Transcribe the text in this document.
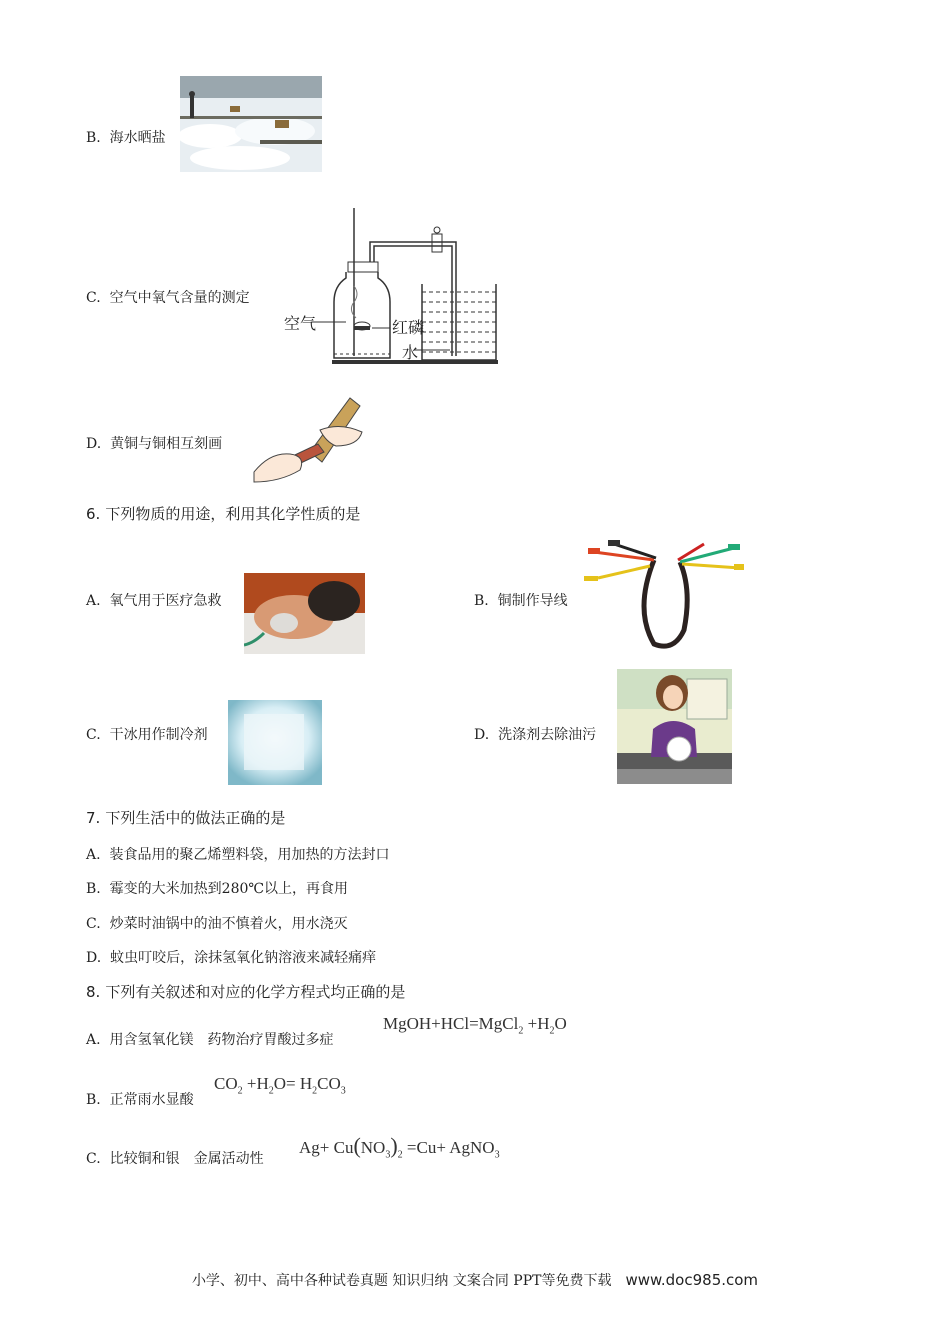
B. 海水晒盐
C. 空气中氧气含量的测定
空气	红磷
水
D. 黄铜与铜相互刻画
6. 下列物质的用途，利用其化学性质的是
A. 氧气用于医疗急救	B. 铜制作导线
C. 干冰用作制冷剂	D. 洗涤剂去除油污
7. 下列生活中的做法正确的是
A. 装食品用的聚乙烯塑料袋，用加热的方法封口
B. 霉变的大米加热到280℃以上，再食用
C. 炒菜时油锅中的油不慎着火，用水浇灭
D. 蚊虫叮咬后，涂抹氢氧化钠溶液来减轻痛痒
8. 下列有关叙述和对应的化学方程式均正确的是
A. 用含氢氧化镁　药物治疗胃酸过多症
MgOH+HCl=MgCl$_2$ $+H_2O$
B. 正常雨水显酸
$CO_2 +H_2O= H_2CO_3$
C. 比较铜和银　金属活动性
$Ag+ Cu(NO_3)_2 =Cu+$ AgNO$_3$
小学、初中、高中各种试卷真题 知识归纳 文案合同 PPT等免费下载 www.doc985.com
